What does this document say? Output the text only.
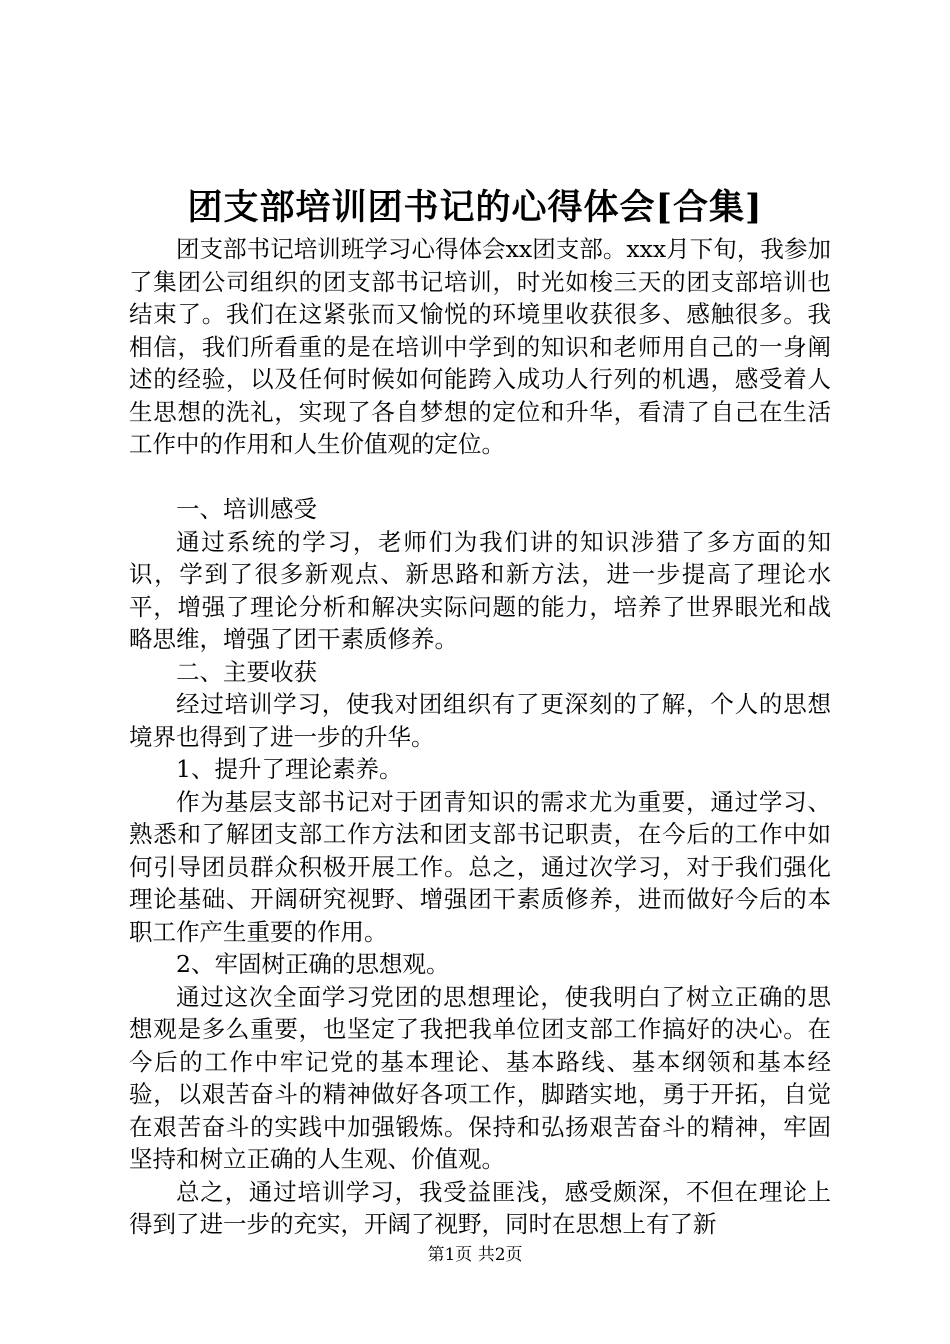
团支部培训团书记的心得体会[合集]

团支部书记培训班学习心得体会xx团支部。xxx月下旬，我参加了集团公司组织的团支部书记培训，时光如梭三天的团支部培训也结束了。我们在这紧张而又愉悦的环境里收获很多、感触很多。我相信，我们所看重的是在培训中学到的知识和老师用自己的一身阐述的经验，以及任何时候如何能跨入成功人行列的机遇，感受着人生思想的洗礼，实现了各自梦想的定位和升华，看清了自己在生活工作中的作用和人生价值观的定位。

一、培训感受

通过系统的学习，老师们为我们讲的知识涉猎了多方面的知识，学到了很多新观点、新思路和新方法，进一步提高了理论水平，增强了理论分析和解决实际问题的能力，培养了世界眼光和战略思维，增强了团干素质修养。

二、主要收获

经过培训学习，使我对团组织有了更深刻的了解，个人的思想境界也得到了进一步的升华。

1、提升了理论素养。

作为基层支部书记对于团青知识的需求尤为重要，通过学习、熟悉和了解团支部工作方法和团支部书记职责，在今后的工作中如何引导团员群众积极开展工作。总之，通过次学习，对于我们强化理论基础、开阔研究视野、增强团干素质修养，进而做好今后的本职工作产生重要的作用。

2、牢固树正确的思想观。

通过这次全面学习党团的思想理论，使我明白了树立正确的思想观是多么重要，也坚定了我把我单位团支部工作搞好的决心。在今后的工作中牢记党的基本理论、基本路线、基本纲领和基本经验，以艰苦奋斗的精神做好各项工作，脚踏实地，勇于开拓，自觉在艰苦奋斗的实践中加强锻炼。保持和弘扬艰苦奋斗的精神，牢固坚持和树立正确的人生观、价值观。

总之，通过培训学习，我受益匪浅，感受颇深，不但在理论上得到了进一步的充实，开阔了视野，同时在思想上有了新

第1页 共2页
